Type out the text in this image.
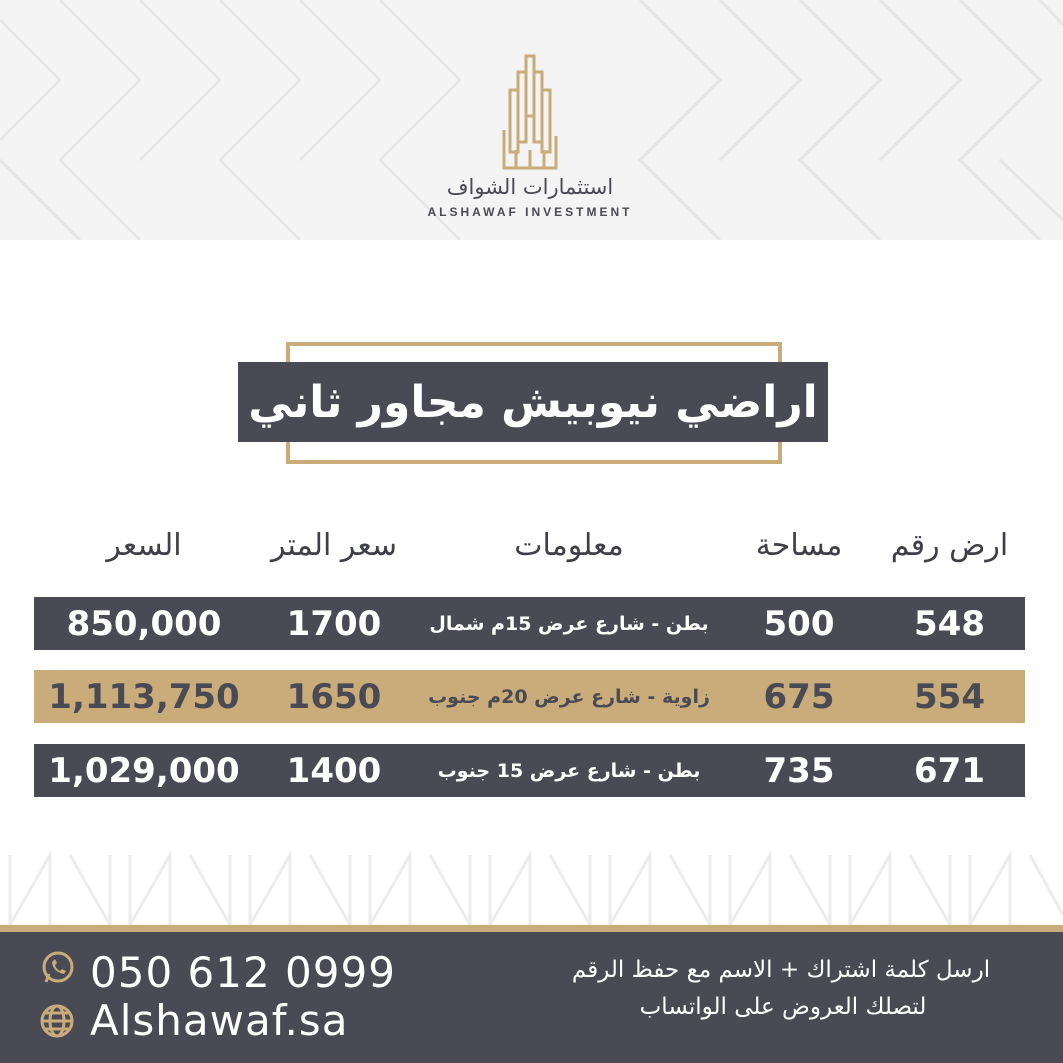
استثمارات الشواف
ALSHAWAF INVESTMENT
اراضي نيوبيش مجاور ثاني
السعر	سعر المتر	معلومات	مساحة	ارض رقم
850,000	1700	بطن - شارع عرض 15م شمال	500	548
1,113,750	1650	زاوية - شارع عرض 20م جنوب	675	554
1,029,000	1400	بطن - شارع عرض 15 جنوب	735	671
050 612 0999
Alshawaf.sa
ارسل كلمة اشتراك + الاسم مع حفظ الرقم
لتصلك العروض على الواتساب
